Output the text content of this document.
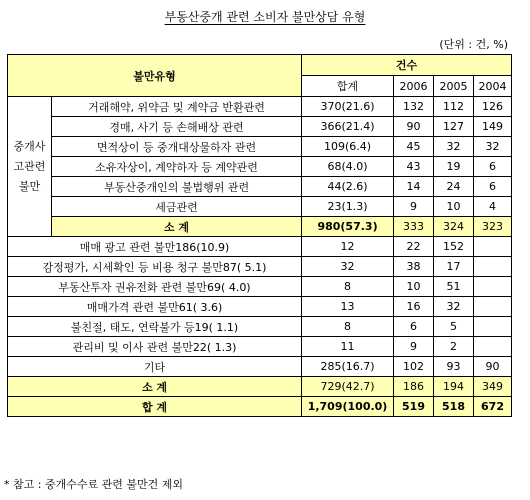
부동산중개 관련 소비자 불만상담 유형
(단위 : 건, %)
불만유형		건수			
		합계	2006	2005	2004
중개사고관련불만	거래해약, 위약금 및 계약금 반환관련	370(21.6)	132	112	126
	경매, 사기 등 손해배상 관련	366(21.4)	90	127	149
	면적상이 등 중개대상물하자 관련	109(6.4)	45	32	32
	소유자상이, 계약하자 등 계약관련	68(4.0)	43	19	6
	부동산중개인의 불법행위 관련	44(2.6)	14	24	6
	세금관련	23(1.3)	9	10	4
	소 계	980(57.3)	333	324	323
매매 광고 관련 불만186(10.9)		12	22	152	
감정평가, 시세확인 등 비용 청구 불만87( 5.1)		32	38	17	
부동산투자 권유전화 관련 불만69( 4.0)		8	10	51	
매매가격 관련 불만61( 3.6)		13	16	32	
불친절, 태도, 연락불가 등19( 1.1)		8	6	5	
관리비 및 이사 관련 불만22( 1.3)		11	9	2	
기타		285(16.7)	102	93	90
소 계		729(42.7)	186	194	349
합 계		1,709(100.0)	519	518	672
* 참고 : 중개수수료 관련 불만건 제외
